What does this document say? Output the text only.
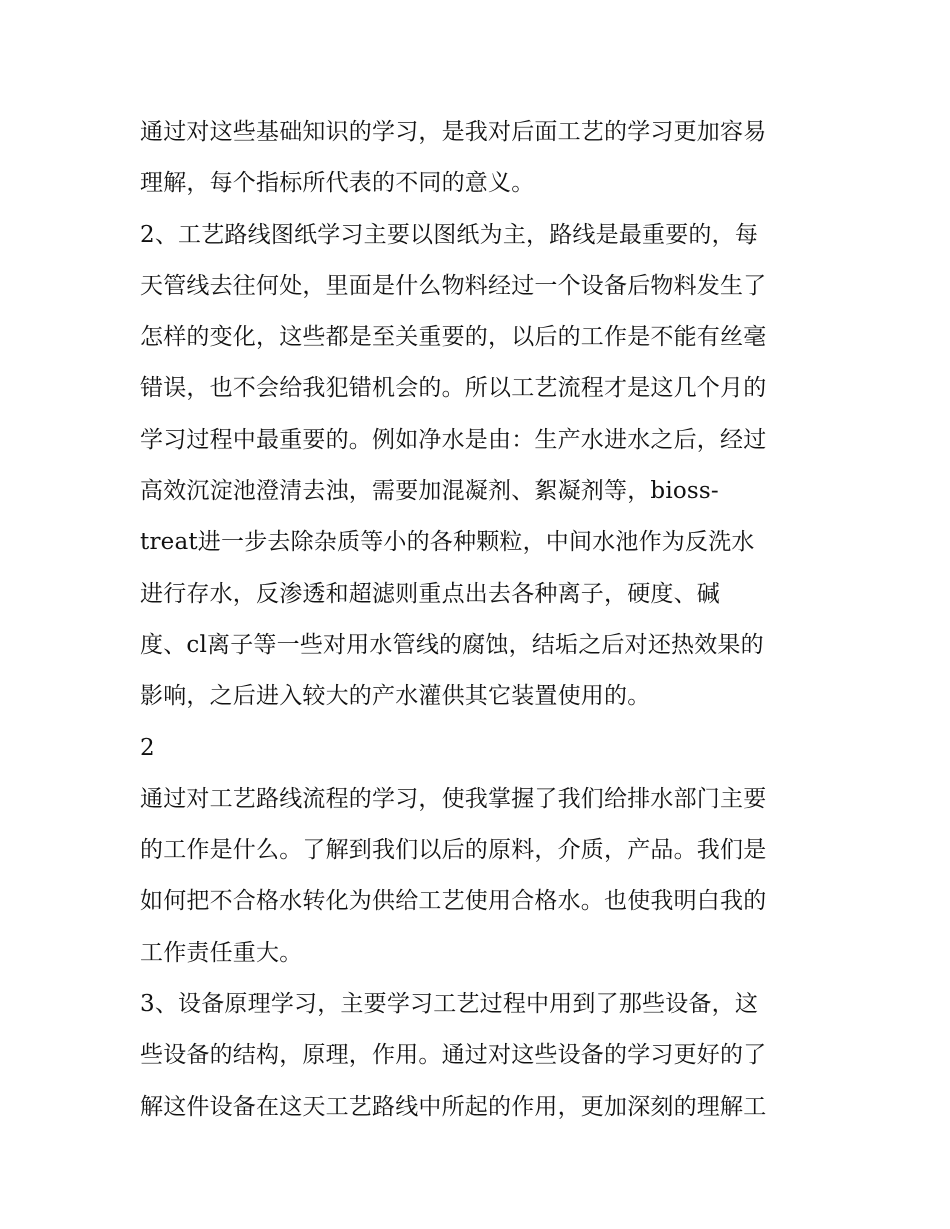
通过对这些基础知识的学习，是我对后面工艺的学习更加容易
理解，每个指标所代表的不同的意义。
2、工艺路线图纸学习主要以图纸为主，路线是最重要的，每
天管线去往何处，里面是什么物料经过一个设备后物料发生了
怎样的变化，这些都是至关重要的，以后的工作是不能有丝毫
错误，也不会给我犯错机会的。所以工艺流程才是这几个月的
学习过程中最重要的。例如净水是由：生产水进水之后，经过
高效沉淀池澄清去浊，需要加混凝剂、絮凝剂等，bioss-
treat进一步去除杂质等小的各种颗粒，中间水池作为反洗水
进行存水，反渗透和超滤则重点出去各种离子，硬度、碱
度、cl离子等一些对用水管线的腐蚀，结垢之后对还热效果的
影响，之后进入较大的产水灌供其它装置使用的。
2
通过对工艺路线流程的学习，使我掌握了我们给排水部门主要
的工作是什么。了解到我们以后的原料，介质，产品。我们是
如何把不合格水转化为供给工艺使用合格水。也使我明白我的
工作责任重大。
3、设备原理学习，主要学习工艺过程中用到了那些设备，这
些设备的结构，原理，作用。通过对这些设备的学习更好的了
解这件设备在这天工艺路线中所起的作用，更加深刻的理解工
